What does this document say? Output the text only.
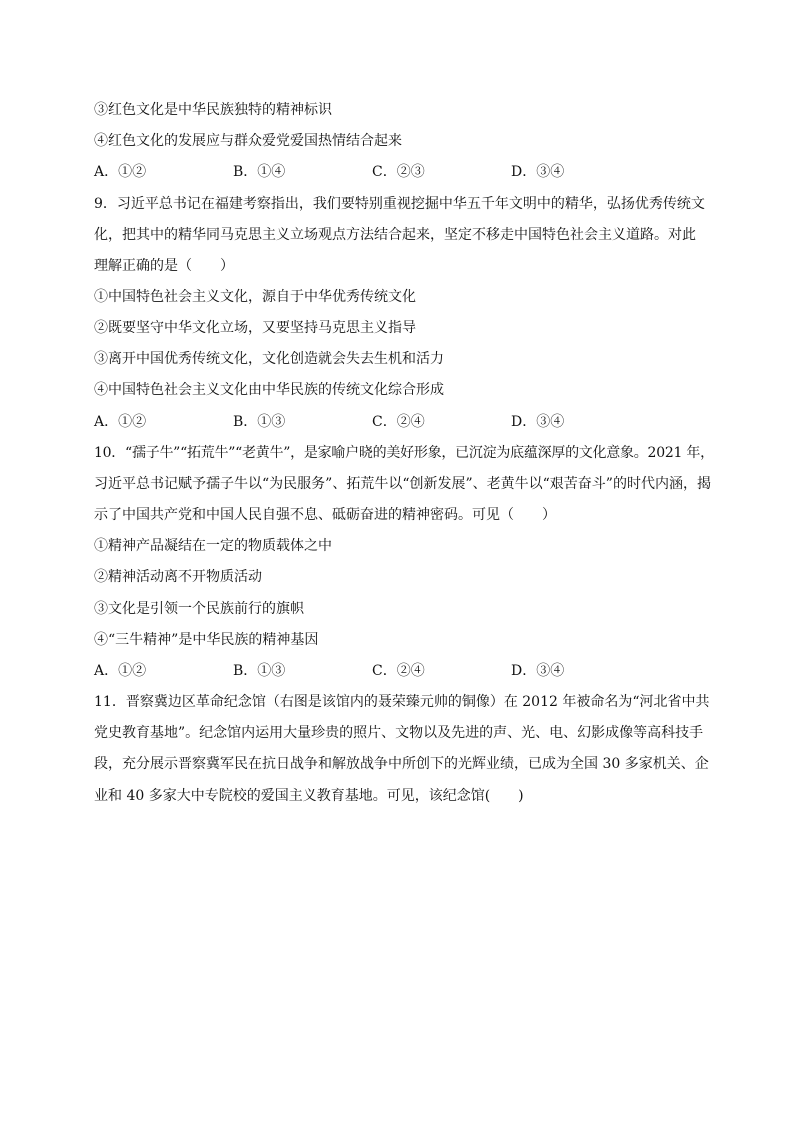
③红色文化是中华民族独特的精神标识
④红色文化的发展应与群众爱党爱国热情结合起来
A．①②	B．①④	C．②③	D．③④
9．习近平总书记在福建考察指出，我们要特别重视挖掘中华五千年文明中的精华，弘扬优秀传统文
化，把其中的精华同马克思主义立场观点方法结合起来，坚定不移走中国特色社会主义道路。对此
理解正确的是（　　）
①中国特色社会主义文化，源自于中华优秀传统文化
②既要坚守中华文化立场，又要坚持马克思主义指导
③离开中国优秀传统文化，文化创造就会失去生机和活力
④中国特色社会主义文化由中华民族的传统文化综合形成
A．①②	B．①③	C．②④	D．③④
10．“孺子牛”“拓荒牛”“老黄牛”，是家喻户晓的美好形象，已沉淀为底蕴深厚的文化意象。2021 年，
习近平总书记赋予孺子牛以“为民服务”、拓荒牛以“创新发展”、老黄牛以“艰苦奋斗”的时代内涵，揭
示了中国共产党和中国人民自强不息、砥砺奋进的精神密码。可见（　　）
①精神产品凝结在一定的物质载体之中
②精神活动离不开物质活动
③文化是引领一个民族前行的旗帜
④“三牛精神”是中华民族的精神基因
A．①②	B．①③	C．②④	D．③④
11．晋察冀边区革命纪念馆（右图是该馆内的聂荣臻元帅的铜像）在 2012 年被命名为“河北省中共
党史教育基地”。纪念馆内运用大量珍贵的照片、文物以及先进的声、光、电、幻影成像等高科技手
段，充分展示晋察冀军民在抗日战争和解放战争中所创下的光辉业绩，已成为全国 30 多家机关、企
业和 40 多家大中专院校的爱国主义教育基地。可见，该纪念馆(　　)
